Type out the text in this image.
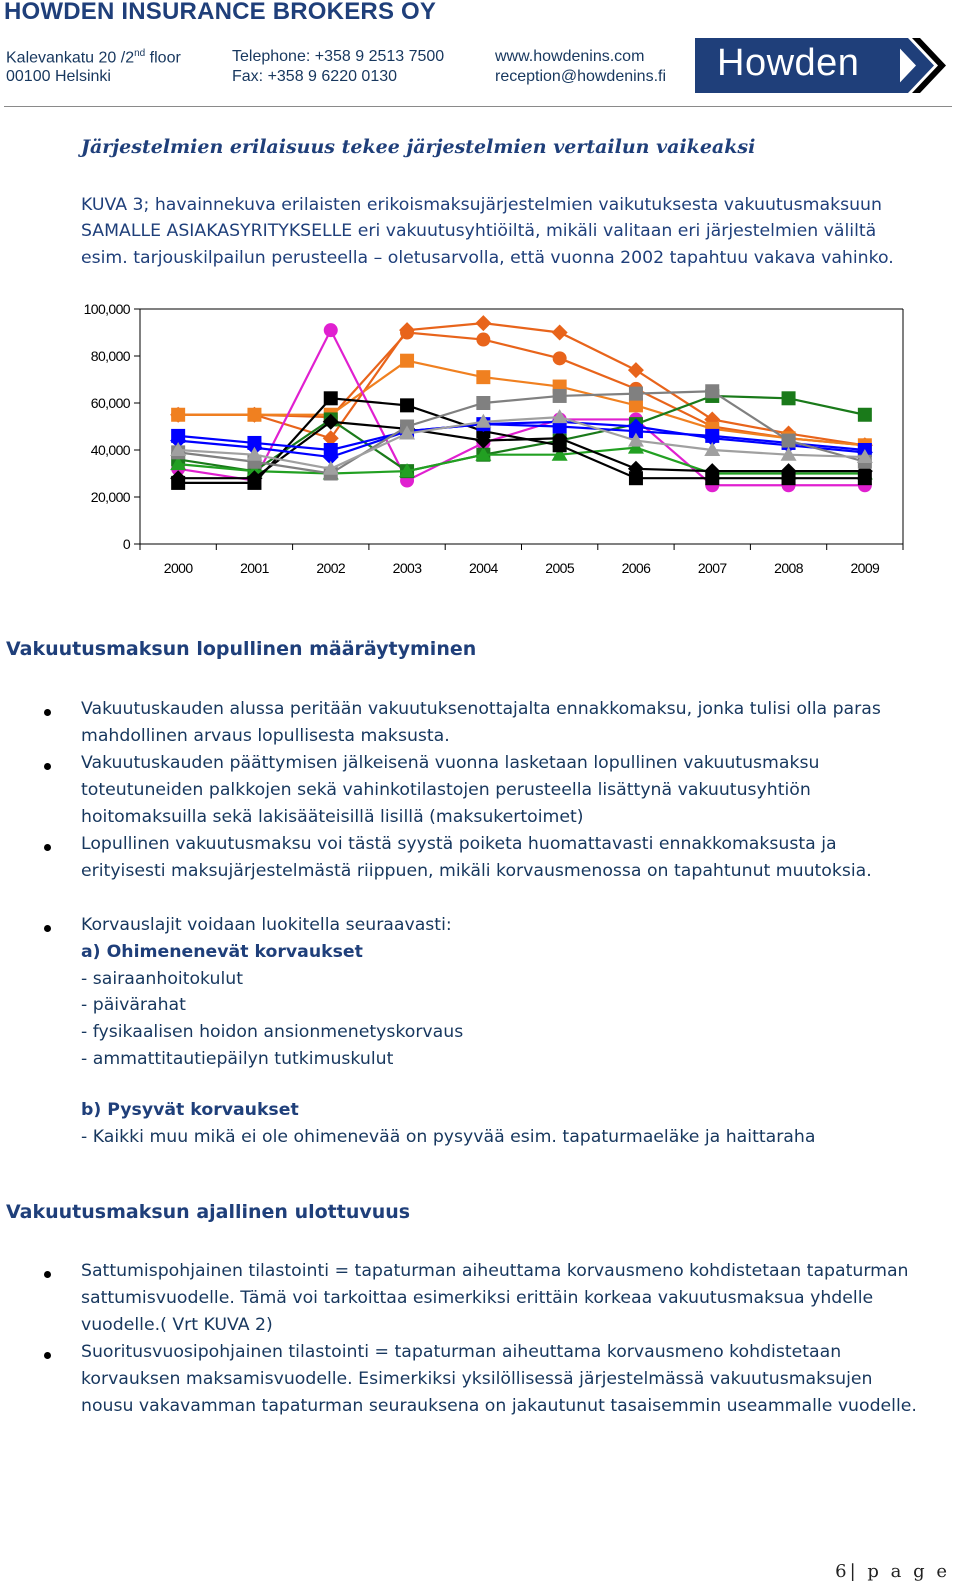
HOWDEN INSURANCE BROKERS OY
Kalevankatu 20 /2nd floor
00100 Helsinki
Telephone: +358 9 2513 7500
Fax: +358 9 6220 0130
www.howdenins.com
reception@howdenins.fi Howden
Järjestelmien erilaisuus tekee järjestelmien vertailun vaikeaksi
KUVA 3; havainnekuva erilaisten erikoismaksujärjestelmien vaikutuksesta vakuutusmaksuun
SAMALLE ASIAKASYRITYKSELLE eri vakuutusyhtiöiltä, mikäli valitaan eri järjestelmien väliltä
esim. tarjouskilpailun perusteella – oletusarvolla, että vuonna 2002 tapahtuu vakava vahinko.
0
20,000
40,000
60,000
80,000
100,000
2000	2001	2002	2003	2004	2005	2006	2007	2008	2009
Vakuutusmaksun lopullinen määräytyminen
Vakuutuskauden alussa peritään vakuutuksenottajalta ennakkomaksu, jonka tulisi olla paras
mahdollinen arvaus lopullisesta maksusta.
Vakuutuskauden päättymisen jälkeisenä vuonna lasketaan lopullinen vakuutusmaksu
toteutuneiden palkkojen sekä vahinkotilastojen perusteella lisättynä vakuutusyhtiön
hoitomaksuilla sekä lakisääteisillä lisillä (maksukertoimet)
Lopullinen vakuutusmaksu voi tästä syystä poiketa huomattavasti ennakkomaksusta ja
erityisesti maksujärjestelmästä riippuen, mikäli korvausmenossa on tapahtunut muutoksia.
Korvauslajit voidaan luokitella seuraavasti:
a) Ohimenenevät korvaukset
- sairaanhoitokulut
- päivärahat
- fysikaalisen hoidon ansionmenetyskorvaus
- ammattitautiepäilyn tutkimuskulut
b) Pysyvät korvaukset
- Kaikki muu mikä ei ole ohimenevää on pysyvää esim. tapaturmaeläke ja haittaraha
Vakuutusmaksun ajallinen ulottuvuus
Sattumispohjainen tilastointi = tapaturman aiheuttama korvausmeno kohdistetaan tapaturman
sattumisvuodelle. Tämä voi tarkoittaa esimerkiksi erittäin korkeaa vakuutusmaksua yhdelle
vuodelle.( Vrt KUVA 2)
Suoritusvuosipohjainen tilastointi = tapaturman aiheuttama korvausmeno kohdistetaan
korvauksen maksamisvuodelle. Esimerkiksi yksilöllisessä järjestelmässä vakuutusmaksujen
nousu vakavamman tapaturman seurauksena on jakautunut tasaisemmin useammalle vuodelle.
6| p a g e
